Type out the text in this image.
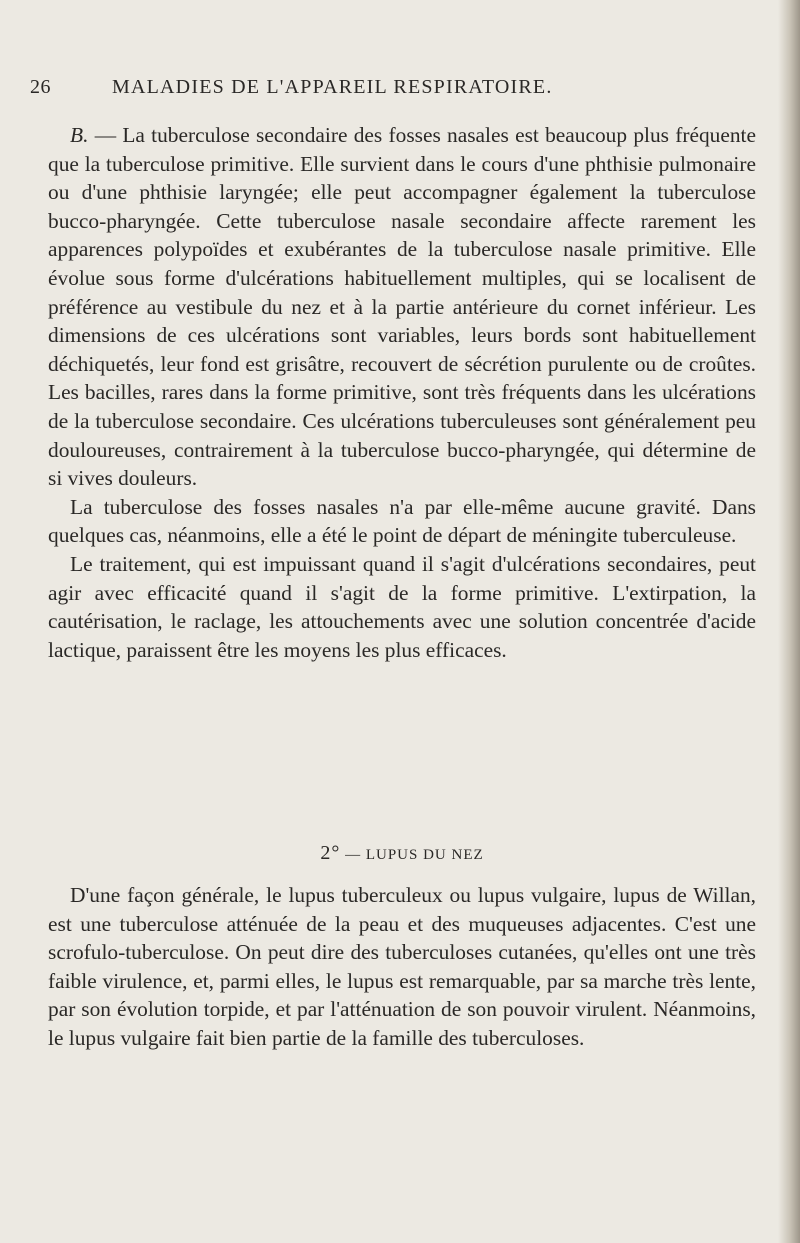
26	MALADIES DE L'APPAREIL RESPIRATOIRE.

B. — La tuberculose secondaire des fosses nasales est beaucoup plus fréquente que la tuberculose primitive. Elle survient dans le cours d'une phthisie pulmonaire ou d'une phthisie laryngée; elle peut accompagner également la tuberculose bucco-pharyngée. Cette tuberculose nasale secondaire affecte rarement les apparences polypoïdes et exubérantes de la tuberculose nasale primitive. Elle évolue sous forme d'ulcérations habituellement multiples, qui se localisent de préférence au vestibule du nez et à la partie antérieure du cornet inférieur. Les dimensions de ces ulcérations sont variables, leurs bords sont habituellement déchiquetés, leur fond est grisâtre, recouvert de sécrétion purulente ou de croûtes. Les bacilles, rares dans la forme primitive, sont très fréquents dans les ulcérations de la tuberculose secondaire. Ces ulcérations tuberculeuses sont généralement peu douloureuses, contrairement à la tuberculose bucco-pharyngée, qui détermine de si vives douleurs.

La tuberculose des fosses nasales n'a par elle-même aucune gravité. Dans quelques cas, néanmoins, elle a été le point de départ de méningite tuberculeuse.

Le traitement, qui est impuissant quand il s'agit d'ulcérations secondaires, peut agir avec efficacité quand il s'agit de la forme primitive. L'extirpation, la cautérisation, le raclage, les attouchements avec une solution concentrée d'acide lactique, paraissent être les moyens les plus efficaces.

2° — LUPUS DU NEZ

D'une façon générale, le lupus tuberculeux ou lupus vulgaire, lupus de Willan, est une tuberculose atténuée de la peau et des muqueuses adjacentes. C'est une scrofulo-tuberculose. On peut dire des tuberculoses cutanées, qu'elles ont une très faible virulence, et, parmi elles, le lupus est remarquable, par sa marche très lente, par son évolution torpide, et par l'atténuation de son pouvoir virulent. Néanmoins, le lupus vulgaire fait bien partie de la famille des tuberculoses.
